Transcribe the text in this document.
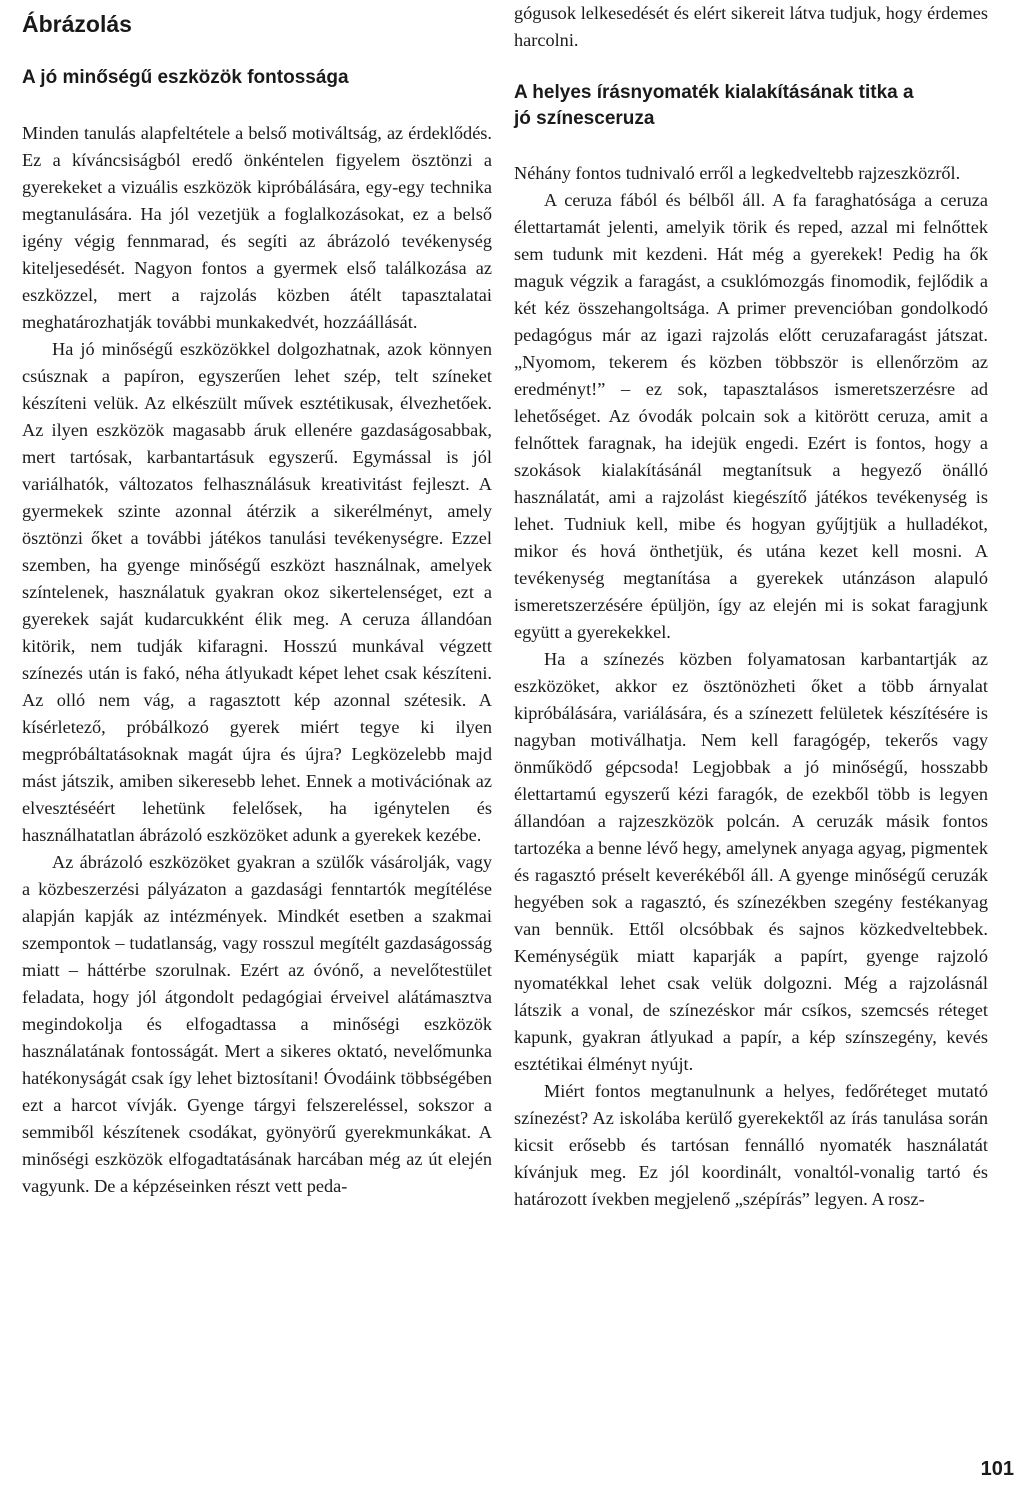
Ábrázolás
A jó minőségű eszközök fontossága

Minden tanulás alapfeltétele a belső motiváltság, az érdeklődés. Ez a kíváncsiságból eredő önkéntelen figyelem ösztönzi a gyerekeket a vizuális eszközök kipróbálására, egy-egy technika megtanulására. Ha jól vezetjük a foglalkozásokat, ez a belső igény végig fennmarad, és segíti az ábrázoló tevékenység kiteljesedését. Nagyon fontos a gyermek első találkozása az eszközzel, mert a rajzolás közben átélt tapasztalatai meghatározhatják további munkakedvét, hozzáállását.

Ha jó minőségű eszközökkel dolgozhatnak, azok könnyen csúsznak a papíron, egyszerűen lehet szép, telt színeket készíteni velük. Az elkészült művek esztétikusak, élvezhetőek. Az ilyen eszközök magasabb áruk ellenére gazdaságosabbak, mert tartósak, karbantartásuk egyszerű. Egymással is jól variálhatók, változatos felhasználásuk kreativitást fejleszt. A gyermekek szinte azonnal átérzik a sikerélményt, amely ösztönzi őket a további játékos tanulási tevékenységre. Ezzel szemben, ha gyenge minőségű eszközt használnak, amelyek színtelenek, használatuk gyakran okoz sikertelenséget, ezt a gyerekek saját kudarcukként élik meg. A ceruza állandóan kitörik, nem tudják kifaragni. Hosszú munkával végzett színezés után is fakó, néha átlyukadt képet lehet csak készíteni. Az olló nem vág, a ragasztott kép azonnal szétesik. A kísérletező, próbálkozó gyerek miért tegye ki ilyen megpróbáltatásoknak magát újra és újra? Legközelebb majd mást játszik, amiben sikeresebb lehet. Ennek a motivációnak az elvesztéséért lehetünk felelősek, ha igénytelen és használhatatlan ábrázoló eszközöket adunk a gyerekek kezébe.

Az ábrázoló eszközöket gyakran a szülők vásárolják, vagy a közbeszerzési pályázaton a gazdasági fenntartók megítélése alapján kapják az intézmények. Mindkét esetben a szakmai szempontok – tudatlanság, vagy rosszul megítélt gazdaságosság miatt – háttérbe szorulnak. Ezért az óvónő, a nevelőtestület feladata, hogy jól átgondolt pedagógiai érveivel alátámasztva megindokolja és elfogadtassa a minőségi eszközök használatának fontosságát. Mert a sikeres oktató, nevelőmunka hatékonyságát csak így lehet biztosítani! Óvodáink többségében ezt a harcot vívják. Gyenge tárgyi felszereléssel, sokszor a semmiből készítenek csodákat, gyönyörű gyerekmunkákat. A minőségi eszközök elfogadtatásának harcában még az út elején vagyunk. De a képzéseinken részt vett peda-

gógusok lelkesedését és elért sikereit látva tudjuk, hogy érdemes harcolni.

A helyes írásnyomaték kialakításának titka a jó színesceruza

Néhány fontos tudnivaló erről a legkedveltebb rajzeszközről.

A ceruza fából és bélből áll. A fa faraghatósága a ceruza élettartamát jelenti, amelyik törik és reped, azzal mi felnőttek sem tudunk mit kezdeni. Hát még a gyerekek! Pedig ha ők maguk végzik a faragást, a csuklómozgás finomodik, fejlődik a két kéz összehangoltsága. A primer prevencióban gondolkodó pedagógus már az igazi rajzolás előtt ceruzafaragást játszat. „Nyomom, tekerem és közben többször is ellenőrzöm az eredményt!” – ez sok, tapasztalásos ismeretszerzésre ad lehetőséget. Az óvodák polcain sok a kitörött ceruza, amit a felnőttek faragnak, ha idejük engedi. Ezért is fontos, hogy a szokások kialakításánál megtanítsuk a hegyező önálló használatát, ami a rajzolást kiegészítő játékos tevékenység is lehet. Tudniuk kell, mibe és hogyan gyűjtjük a hulladékot, mikor és hová önthetjük, és utána kezet kell mosni. A tevékenység megtanítása a gyerekek utánzáson alapuló ismeretszerzésére épüljön, így az elején mi is sokat faragjunk együtt a gyerekekkel.

Ha a színezés közben folyamatosan karbantartják az eszközöket, akkor ez ösztönözheti őket a több árnyalat kipróbálására, variálására, és a színezett felületek készítésére is nagyban motiválhatja. Nem kell faragógép, tekerős vagy önműködő gépcsoda! Legjobbak a jó minőségű, hosszabb élettartamú egyszerű kézi faragók, de ezekből több is legyen állandóan a rajzeszközök polcán. A ceruzák másik fontos tartozéka a benne lévő hegy, amelynek anyaga agyag, pigmentek és ragasztó préselt keverékéből áll. A gyenge minőségű ceruzák hegyében sok a ragasztó, és színezékben szegény festékanyag van bennük. Ettől olcsóbbak és sajnos közkedveltebbek. Keménységük miatt kaparják a papírt, gyenge rajzoló nyomatékkal lehet csak velük dolgozni. Még a rajzolásnál látszik a vonal, de színezéskor már csíkos, szemcsés réteget kapunk, gyakran átlyukad a papír, a kép színszegény, kevés esztétikai élményt nyújt.

Miért fontos megtanulnunk a helyes, fedőréteget mutató színezést? Az iskolába kerülő gyerekektől az írás tanulása során kicsit erősebb és tartósan fennálló nyomaték használatát kívánjuk meg. Ez jól koordinált, vonaltól-vonalig tartó és határozott ívekben megjelenő „szépírás” legyen. A rosz-

101
